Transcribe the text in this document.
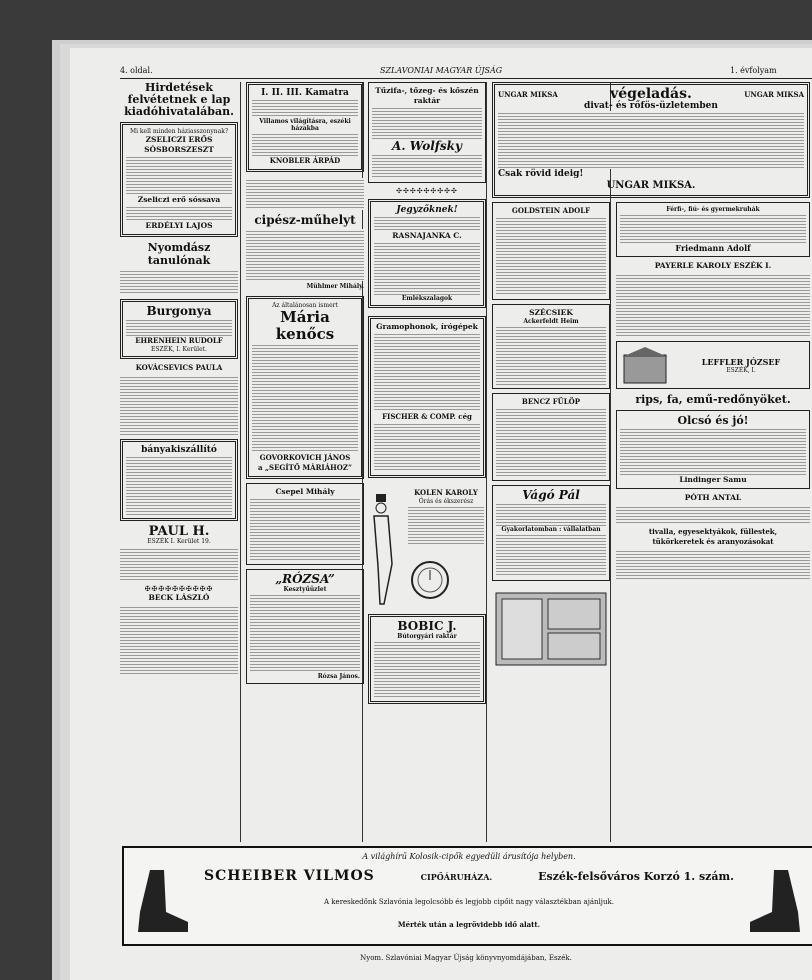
4. oldal.	SZLAVONIAI MAGYAR ÚJSÁG	1. évfolyam
Hirdetések felvétetnek e lap kiadóhivatalában.
Mi kell minden háziasszonynak?
ZSELICZI ERŐS SÓSBORSZESZT
Zseliczi erő sóssava
ERDÉLYI LAJOS
Nyomdász tanulónak
Burgonya
EHRENHEIN RUDOLF
ESZÉK, I. Kerület.
KOVÁCSEVICS PAULA
bányakiszállító
PAUL H.
ESZÉK I. Kerület 19.
✠✠✠✠✠✠✠✠✠✠
BECK LÁSZLÓ
I. II. III. Kamatra
Villamos világításra, eszéki házakba
KNOBLER ÁRPÁD
cipész-műhelyt
Mühlmer Mihály.
Az általánosan ismert
Mária kenőcs
GOVORKOVICH JÁNOS
a „SEGÍTŐ MÁRIÁHOZ”
Csepel Mihály
„RÓZSA”
Kesztyűüzlet
Rózsa János.
Tűzifa-, tőzeg- és kőszén raktár
A. Wolfsky
✣✣✣✣✣✣✣✣✣
Jegyzőknek!
RASNAJANKA C.
Emlékszalagok
Gramophonok, írógépek
FISCHER & COMP. cég
KOLEN KAROLY
Órás és ékszerész
BOBIC J.
Bútorgyári raktár
UNGAR MIKSA	végeladás.	UNGAR MIKSA
divat- és rőfös-üzletemben
Csak rövid ideig!
UNGAR MIKSA.
GOLDSTEIN ADOLF
SZÉCSIEK
Ackerfeldt Heim
BENCZ FÜLÖP
Vágó Pál
Gyakorlatomban : vállalatban
Férfi-, fiú- és gyermekruhák
Friedmann Adolf
PAYERLE KAROLY ESZÉK I.
LEFFLER JÓZSEF
ESZÉK, I.
rips, fa, emű-redőnyöket.
Olcsó és jó!
Lindinger Samu
PÓTH ANTAL
tivalla, egyesektyákok, füllestek,
tükörkeretek és aranyozásokat
A világhírű Kolosik-cipők egyedüli árusítója helyben.
SCHEIBER VILMOS	CIPŐÁRUHÁZA.	Eszék-felsőváros Korzó 1. szám.
A kereskedőnk Szlavónia legolcsóbb és legjobb cipőit nagy választékban ajánljuk.
Mérték után a legrövidebb idő alatt.
Nyom. Szlavóniai Magyar Újság könyvnyomdájában, Eszék.
